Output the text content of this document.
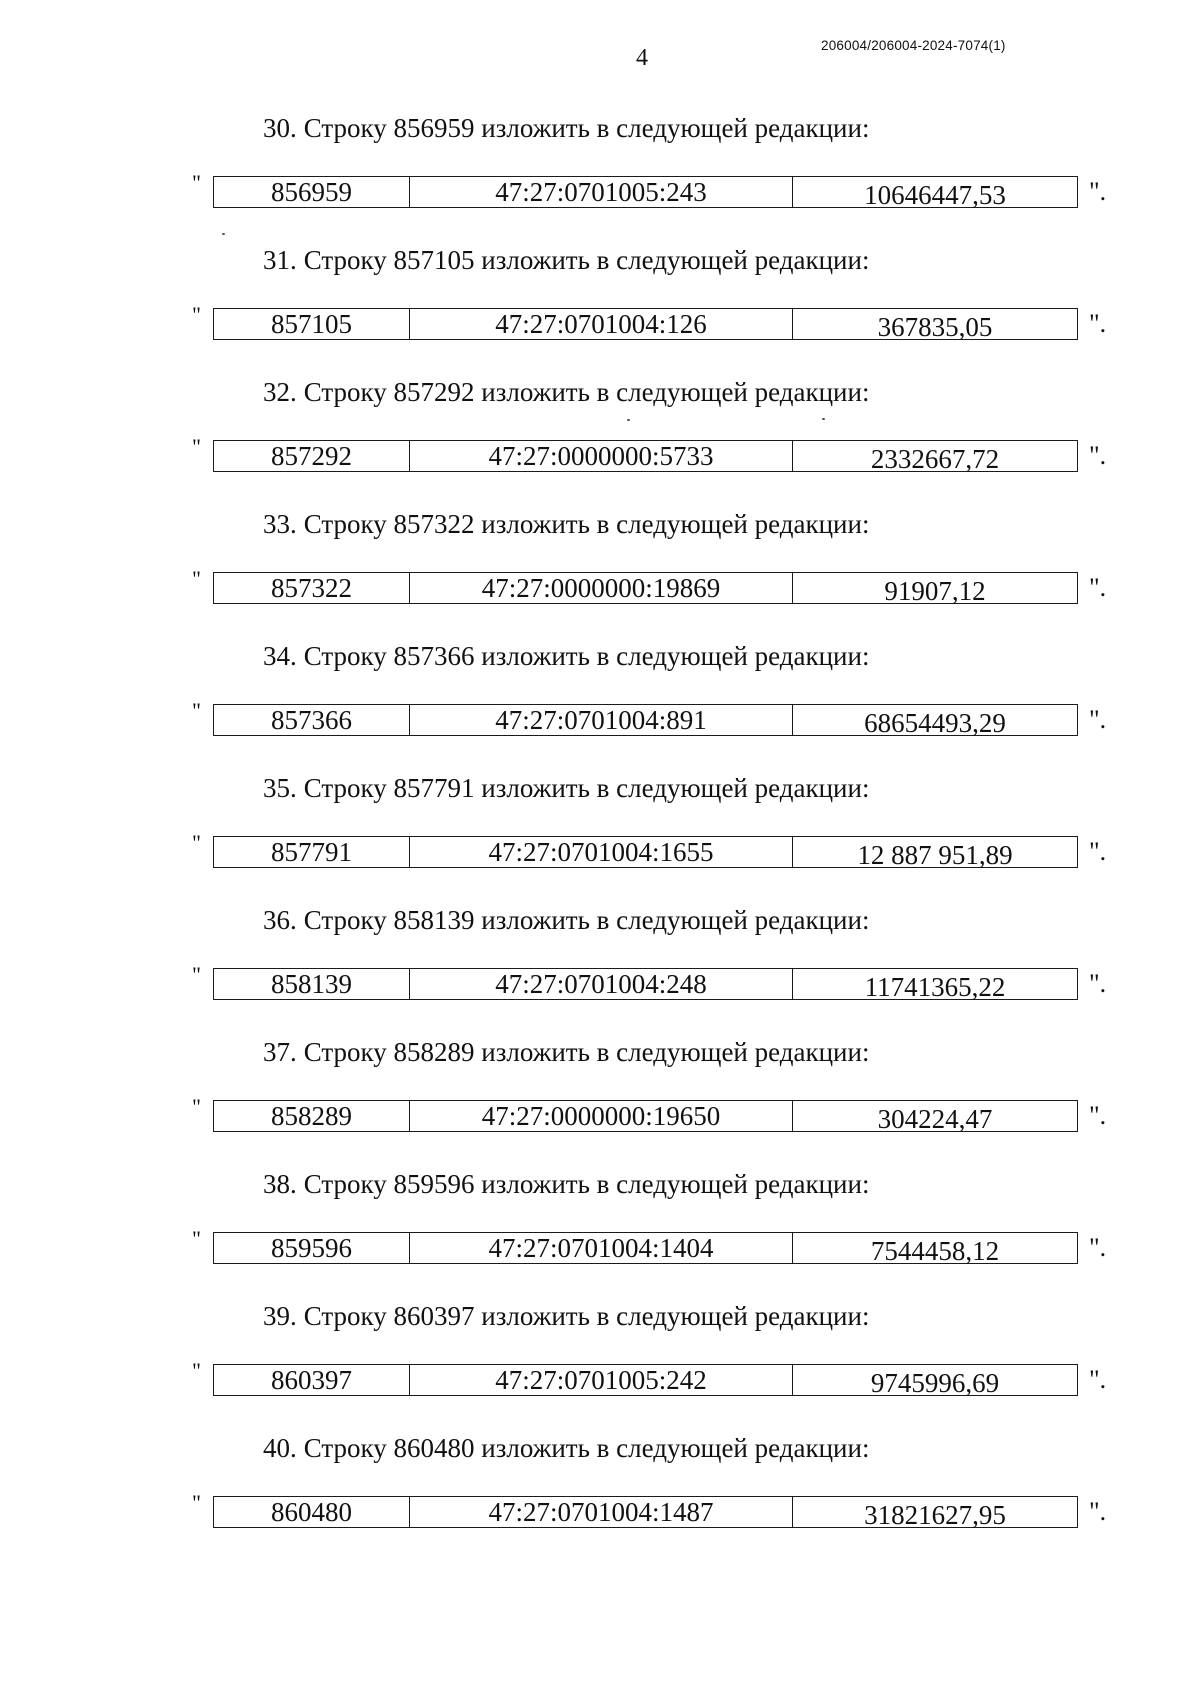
4	206004/206004-2024-7074(1)
30. Строку 856959 изложить в следующей редакции:
"	856959	47:27:0701005:243	10646447,53	".
31. Строку 857105 изложить в следующей редакции:
"	857105	47:27:0701004:126	367835,05	".
32. Строку 857292 изложить в следующей редакции:
"	857292	47:27:0000000:5733	2332667,72	".
33. Строку 857322 изложить в следующей редакции:
"	857322	47:27:0000000:19869	91907,12	".
34. Строку 857366 изложить в следующей редакции:
"	857366	47:27:0701004:891	68654493,29	".
35. Строку 857791 изложить в следующей редакции:
"	857791	47:27:0701004:1655	12 887 951,89	".
36. Строку 858139 изложить в следующей редакции:
"	858139	47:27:0701004:248	11741365,22	".
37. Строку 858289 изложить в следующей редакции:
"	858289	47:27:0000000:19650	304224,47	".
38. Строку 859596 изложить в следующей редакции:
"	859596	47:27:0701004:1404	7544458,12	".
39. Строку 860397 изложить в следующей редакции:
"	860397	47:27:0701005:242	9745996,69	".
40. Строку 860480 изложить в следующей редакции:
"	860480	47:27:0701004:1487	31821627,95	".
